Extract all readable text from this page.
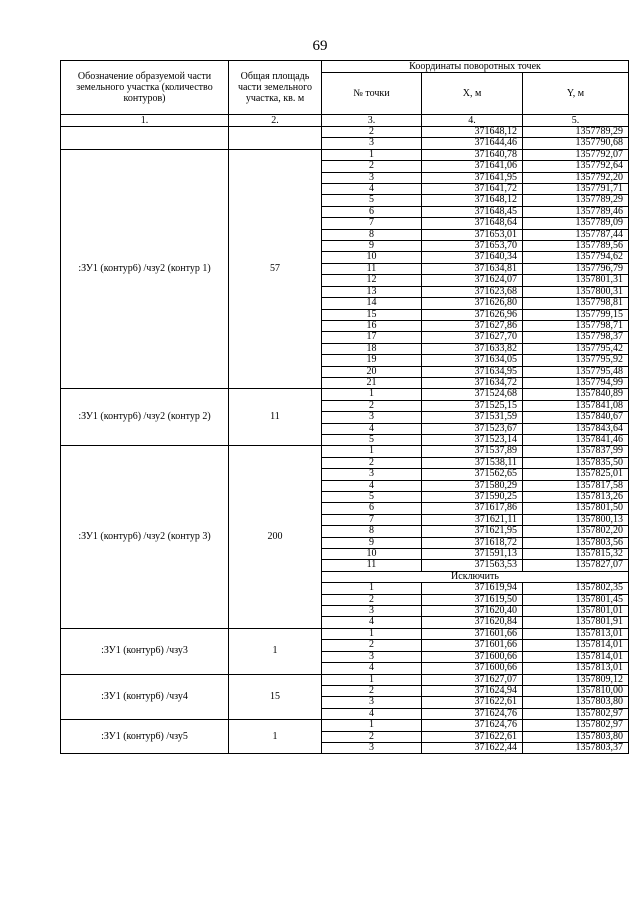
69
Обозначение образуемой части земельного участка (количество контуров)	Общая площадь части земельного участка, кв. м	Координаты поворотных точек		
		№ точки	X, м	Y, м
1.	2.	3.	4.	5.
		2	371648,12	1357789,29
		3	371644,46	1357790,68
:ЗУ1 (контур6) /чзу2 (контур 1)	57	1	371640,78	1357792,07
		2	371641,06	1357792,64
		3	371641,95	1357792,20
		4	371641,72	1357791,71
		5	371648,12	1357789,29
		6	371648,45	1357789,46
		7	371648,64	1357789,09
		8	371653,01	1357787,44
		9	371653,70	1357789,56
		10	371640,34	1357794,62
		11	371634,81	1357796,79
		12	371624,07	1357801,31
		13	371623,68	1357800,31
		14	371626,80	1357798,81
		15	371626,96	1357799,15
		16	371627,86	1357798,71
		17	371627,70	1357798,37
		18	371633,82	1357795,42
		19	371634,05	1357795,92
		20	371634,95	1357795,48
		21	371634,72	1357794,99
:ЗУ1 (контур6) /чзу2 (контур 2)	11	1	371524,68	1357840,89
		2	371525,15	1357841,08
		3	371531,59	1357840,67
		4	371523,67	1357843,64
		5	371523,14	1357841,46
:ЗУ1 (контур6) /чзу2 (контур 3)	200	1	371537,89	1357837,99
		2	371538,11	1357835,50
		3	371562,65	1357825,01
		4	371580,29	1357817,58
		5	371590,25	1357813,26
		6	371617,86	1357801,50
		7	371621,11	1357800,13
		8	371621,95	1357802,20
		9	371618,72	1357803,56
		10	371591,13	1357815,32
		11	371563,53	1357827,07
		Исключить		
		1	371619,94	1357802,35
		2	371619,50	1357801,45
		3	371620,40	1357801,01
		4	371620,84	1357801,91
:ЗУ1 (контур6) /чзу3	1	1	371601,66	1357813,01
		2	371601,66	1357814,01
		3	371600,66	1357814,01
		4	371600,66	1357813,01
:ЗУ1 (контур6) /чзу4	15	1	371627,07	1357809,12
		2	371624,94	1357810,00
		3	371622,61	1357803,80
		4	371624,76	1357802,97
:ЗУ1 (контур6) /чзу5	1	1	371624,76	1357802,97
		2	371622,61	1357803,80
		3	371622,44	1357803,37
